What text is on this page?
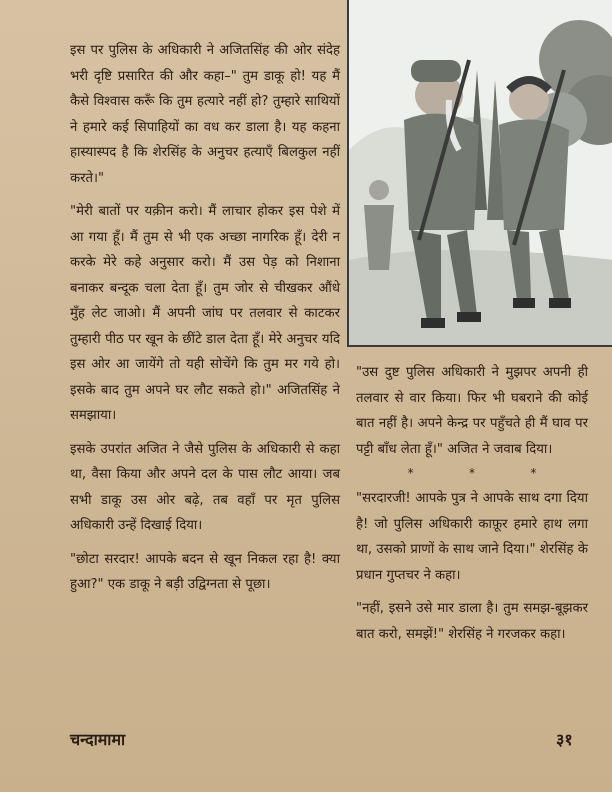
इस पर पुलिस के अधिकारी ने अजितसिंह की ओर संदेह भरी दृष्टि प्रसारित की और कहा–" तुम डाकू हो! यह मैं कैसे विश्वास करूँ कि तुम हत्यारे नहीं हो? तुम्हारे साथियों ने हमारे कई सिपाहियों का वध कर डाला है। यह कहना हास्यास्पद है कि शेरसिंह के अनुचर हत्याएँ बिलकुल नहीं करते।"

"मेरी बातों पर यक़ीन करो। मैं लाचार होकर इस पेशे में आ गया हूँ। मैं तुम से भी एक अच्छा नागरिक हूँ। देरी न करके मेरे कहे अनुसार करो। मैं उस पेड़ को निशाना बनाकर बन्दूक चला देता हूँ। तुम जोर से चीखकर औंधे मुँह लेट जाओ। मैं अपनी जांघ पर तलवार से काटकर तुम्हारी पीठ पर खून के छींटे डाल देता हूँ। मेरे अनुचर यदि इस ओर आ जायेंगे तो यही सोचेंगे कि तुम मर गये हो। इसके बाद तुम अपने घर लौट सकते हो।" अजितसिंह ने समझाया।

इसके उपरांत अजित ने जैसे पुलिस के अधिकारी से कहा था, वैसा किया और अपने दल के पास लौट आया। जब सभी डाकू उस ओर बढ़े, तब वहाँ पर मृत पुलिस अधिकारी उन्हें दिखाई दिया।

"छोटा सरदार! आपके बदन से खून निकल रहा है! क्या हुआ?" एक डाकू ने बड़ी उद्विग्नता से पूछा।

"उस दुष्ट पुलिस अधिकारी ने मुझपर अपनी ही तलवार से वार किया। फिर भी घबराने की कोई बात नहीं है। अपने केन्द्र पर पहुँचते ही मैं घाव पर पट्टी बाँध लेता हूँ।" अजित ने जवाब दिया।

*	*	*

"सरदारजी! आपके पुत्र ने आपके साथ दगा दिया है! जो पुलिस अधिकारी काफ़ूर हमारे हाथ लगा था, उसको प्राणों के साथ जाने दिया।" शेरसिंह के प्रधान गुप्तचर ने कहा।

"नहीं, इसने उसे मार डाला है। तुम समझ-बूझकर बात करो, समझें!" शेरसिंह ने गरजकर कहा।

चन्दामामा	३१
